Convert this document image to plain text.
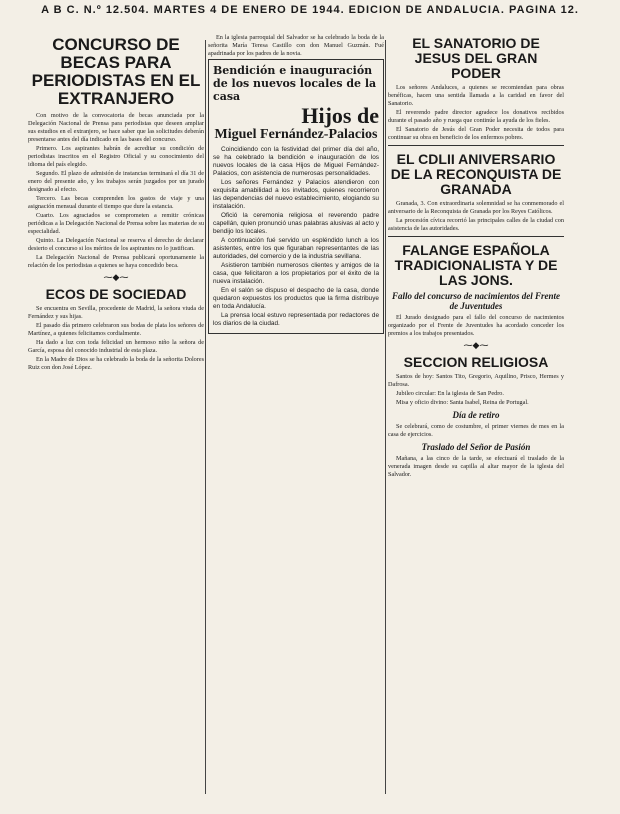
A B C. N.º 12.504. MARTES 4 DE ENERO DE 1944. EDICION DE ANDALUCIA. PAGINA 12.
CONCURSO DE BECAS PARA PERIODISTAS EN EL EXTRANJERO

Con motivo de la convocatoria de becas anunciada por la Delegación Nacional de Prensa para periodistas que deseen ampliar sus estudios en el extranjero, se hace saber que las solicitudes deberán presentarse antes del día indicado en las bases del concurso.

Primero. Los aspirantes habrán de acreditar su condición de periodistas inscritos en el Registro Oficial y su conocimiento del idioma del país elegido.

Segundo. El plazo de admisión de instancias terminará el día 31 de enero del presente año, y los trabajos serán juzgados por un jurado designado al efecto.

Tercero. Las becas comprenden los gastos de viaje y una asignación mensual durante el tiempo que dure la estancia.

Cuarto. Los agraciados se comprometen a remitir crónicas periódicas a la Delegación Nacional de Prensa sobre las materias de su especialidad.

Quinto. La Delegación Nacional se reserva el derecho de declarar desierto el concurso si los méritos de los aspirantes no lo justifican.

La Delegación Nacional de Prensa publicará oportunamente la relación de los periodistas a quienes se haya concedido beca.

⁓◆⁓
ECOS DE SOCIEDAD

Se encuentra en Sevilla, procedente de Madrid, la señora viuda de Fernández y sus hijas.

El pasado día primero celebraron sus bodas de plata los señores de Martínez, a quienes felicitamos cordialmente.

Ha dado a luz con toda felicidad un hermoso niño la señora de García, esposa del conocido industrial de esta plaza.

En la Madre de Dios se ha celebrado la boda de la señorita Dolores Ruiz con don José López.

En la iglesia parroquial del Salvador se ha celebrado la boda de la señorita María Teresa Castillo con don Manuel Guzmán. Fué apadrinada por los padres de la novia.

Bendición e inauguración de los nuevos locales de la casa
Hijos de
Miguel Fernández-Palacios

Coincidiendo con la festividad del primer día del año, se ha celebrado la bendición e inauguración de los nuevos locales de la casa Hijos de Miguel Fernández-Palacios, con asistencia de numerosas personalidades.

Los señores Fernández y Palacios atendieron con exquisita amabilidad a los invitados, quienes recorrieron las dependencias del nuevo establecimiento, elogiando su instalación.

Ofició la ceremonia religiosa el reverendo padre capellán, quien pronunció unas palabras alusivas al acto y bendijo los locales.

A continuación fué servido un espléndido lunch a los asistentes, entre los que figuraban representantes de las autoridades, del comercio y de la industria sevillana.

Asistieron también numerosos clientes y amigos de la casa, que felicitaron a los propietarios por el éxito de la nueva instalación.

En el salón se dispuso el despacho de la casa, donde quedaron expuestos los productos que la firma distribuye en toda Andalucía.

La prensa local estuvo representada por redactores de los diarios de la ciudad.

EL SANATORIO DE JESUS DEL GRAN PODER

Los señores Andaluces, a quienes se recomiendan para obras benéficas, hacen una sentida llamada a la caridad en favor del Sanatorio.

El reverendo padre director agradece los donativos recibidos durante el pasado año y ruega que continúe la ayuda de los fieles.

El Sanatorio de Jesús del Gran Poder necesita de todos para continuar su obra en beneficio de los enfermos pobres.

EL CDLII ANIVERSARIO DE LA RECONQUISTA DE GRANADA

Granada, 3. Con extraordinaria solemnidad se ha conmemorado el aniversario de la Reconquista de Granada por los Reyes Católicos.

La procesión cívica recorrió las principales calles de la ciudad con asistencia de las autoridades.

FALANGE ESPAÑOLA TRADICIONALISTA Y DE LAS JONS.
Fallo del concurso de nacimientos del Frente de Juventudes

El Jurado designado para el fallo del concurso de nacimientos organizado por el Frente de Juventudes ha acordado conceder los premios a los trabajos presentados.

⁓◆⁓
SECCION RELIGIOSA

Santos de hoy: Santos Tito, Gregorio, Aquilino, Prisco, Hermes y Dafrosa.

Jubileo circular: En la iglesia de San Pedro.

Misa y oficio divino: Santa Isabel, Reina de Portugal.

Día de retiro

Se celebrará, como de costumbre, el primer viernes de mes en la casa de ejercicios.

Traslado del Señor de Pasión

Mañana, a las cinco de la tarde, se efectuará el traslado de la venerada imagen desde su capilla al altar mayor de la iglesia del Salvador.
